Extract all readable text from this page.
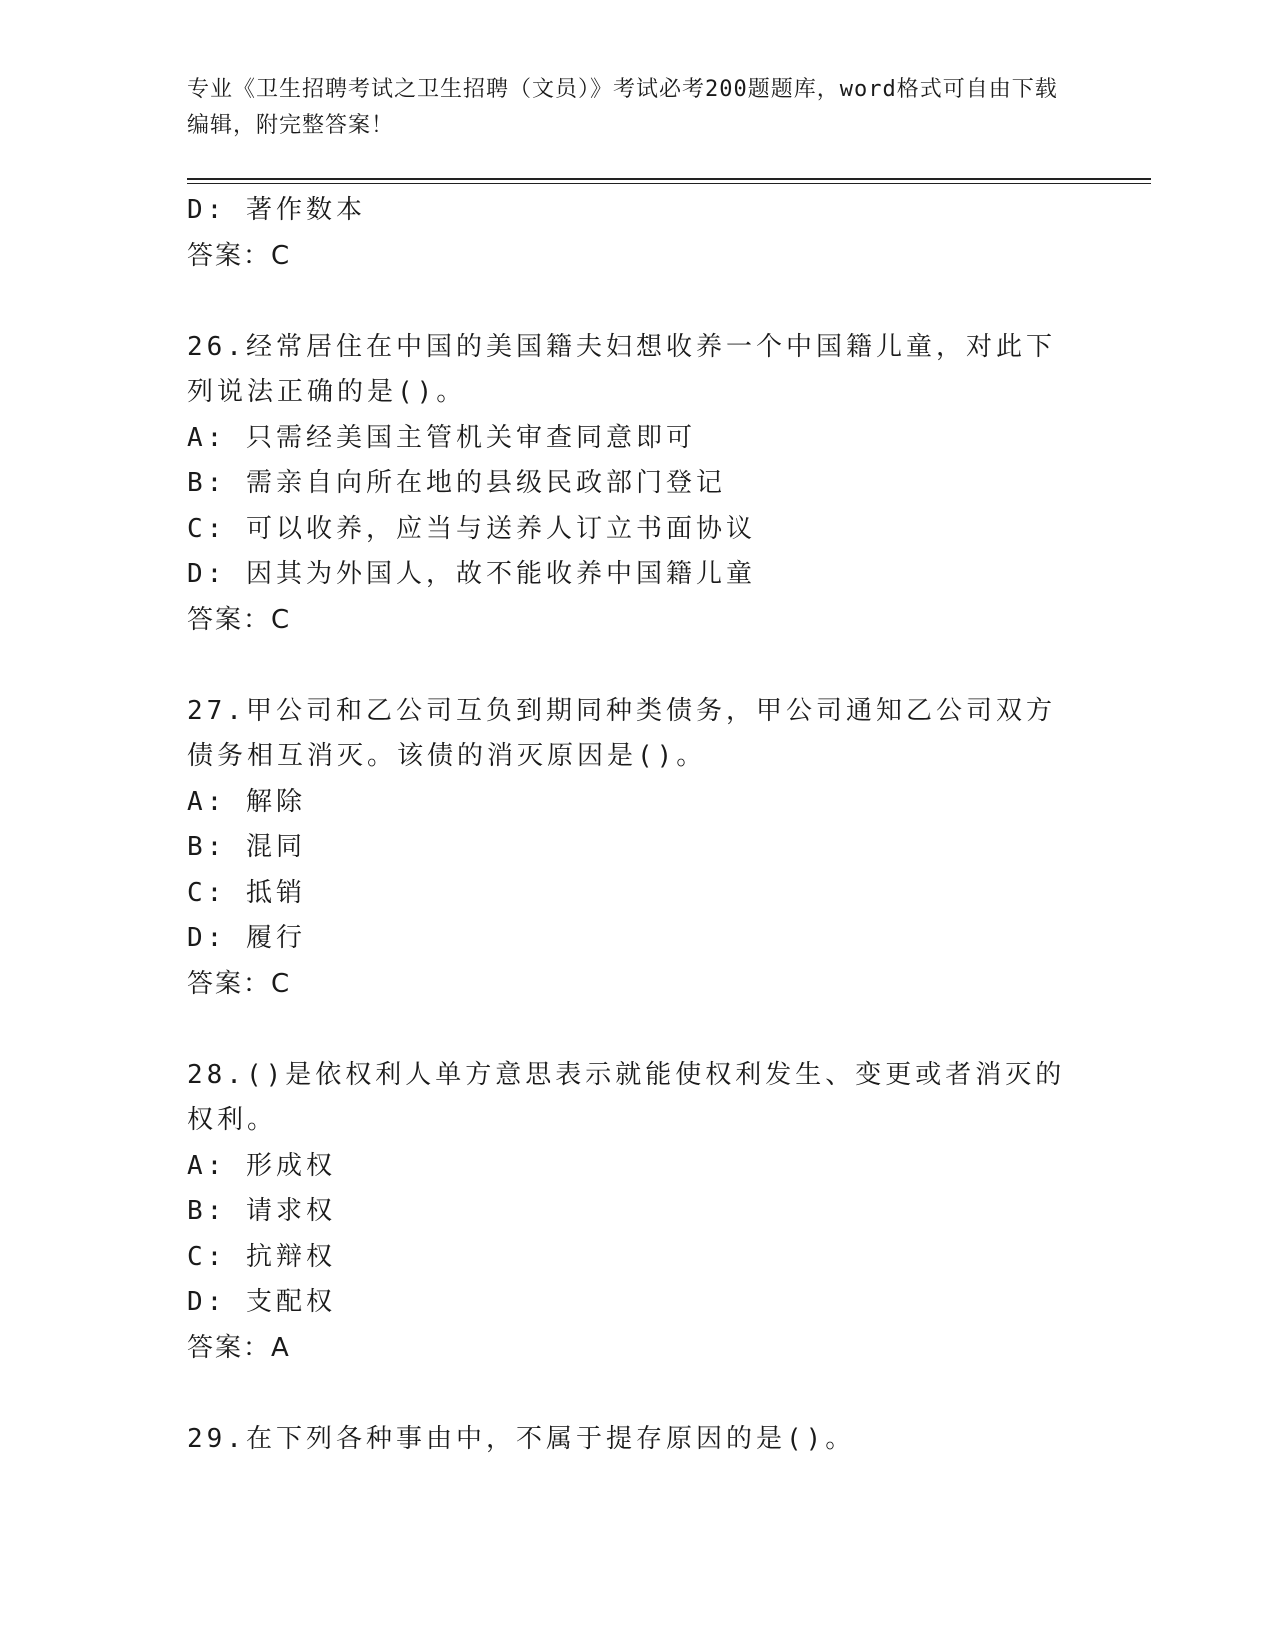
专业《卫生招聘考试之卫生招聘（文员）》考试必考200题题库，word格式可自由下载编辑，附完整答案！
D: 著作数本
答案：C
26.经常居住在中国的美国籍夫妇想收养一个中国籍儿童，对此下列说法正确的是()。
A: 只需经美国主管机关审查同意即可
B: 需亲自向所在地的县级民政部门登记
C: 可以收养，应当与送养人订立书面协议
D: 因其为外国人，故不能收养中国籍儿童
答案：C
27.甲公司和乙公司互负到期同种类债务，甲公司通知乙公司双方债务相互消灭。该债的消灭原因是()。
A: 解除
B: 混同
C: 抵销
D: 履行
答案：C
28.()是依权利人单方意思表示就能使权利发生、变更或者消灭的权利。
A: 形成权
B: 请求权
C: 抗辩权
D: 支配权
答案：A
29.在下列各种事由中，不属于提存原因的是()。
